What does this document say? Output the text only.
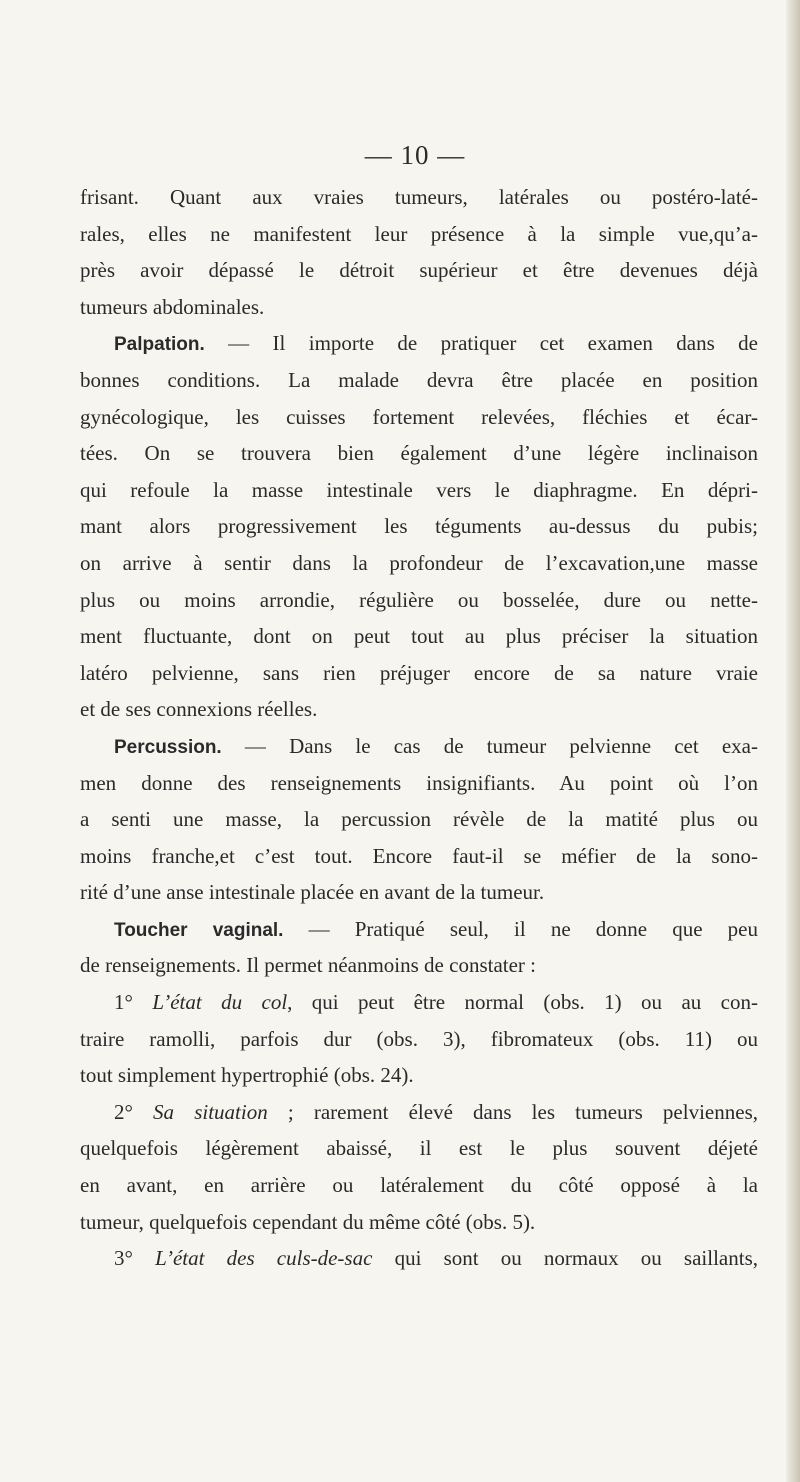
— 10 —
frisant. Quant aux vraies tumeurs, latérales ou postéro-laté-
rales, elles ne manifestent leur présence à la simple vue,qu’a-
près avoir dépassé le détroit supérieur et être devenues déjà
tumeurs abdominales.
Palpation. — Il importe de pratiquer cet examen dans de
bonnes conditions. La malade devra être placée en position
gynécologique, les cuisses fortement relevées, fléchies et écar-
tées. On se trouvera bien également d’une légère inclinaison
qui refoule la masse intestinale vers le diaphragme. En dépri-
mant alors progressivement les téguments au-dessus du pubis;
on arrive à sentir dans la profondeur de l’excavation,une masse
plus ou moins arrondie, régulière ou bosselée, dure ou nette-
ment fluctuante, dont on peut tout au plus préciser la situation
latéro pelvienne, sans rien préjuger encore de sa nature vraie
et de ses connexions réelles.
Percussion. — Dans le cas de tumeur pelvienne cet exa-
men donne des renseignements insignifiants. Au point où l’on
a senti une masse, la percussion révèle de la matité plus ou
moins franche,et c’est tout. Encore faut-il se méfier de la sono-
rité d’une anse intestinale placée en avant de la tumeur.
Toucher vaginal. — Pratiqué seul, il ne donne que peu
de renseignements. Il permet néanmoins de constater :
1° L’état du col, qui peut être normal (obs. 1) ou au con-
traire ramolli, parfois dur (obs. 3), fibromateux (obs. 11) ou
tout simplement hypertrophié (obs. 24).
2° Sa situation ; rarement élevé dans les tumeurs pelviennes,
quelquefois légèrement abaissé, il est le plus souvent déjeté
en avant, en arrière ou latéralement du côté opposé à la
tumeur, quelquefois cependant du même côté (obs. 5).
3° L’état des culs-de-sac qui sont ou normaux ou saillants,
